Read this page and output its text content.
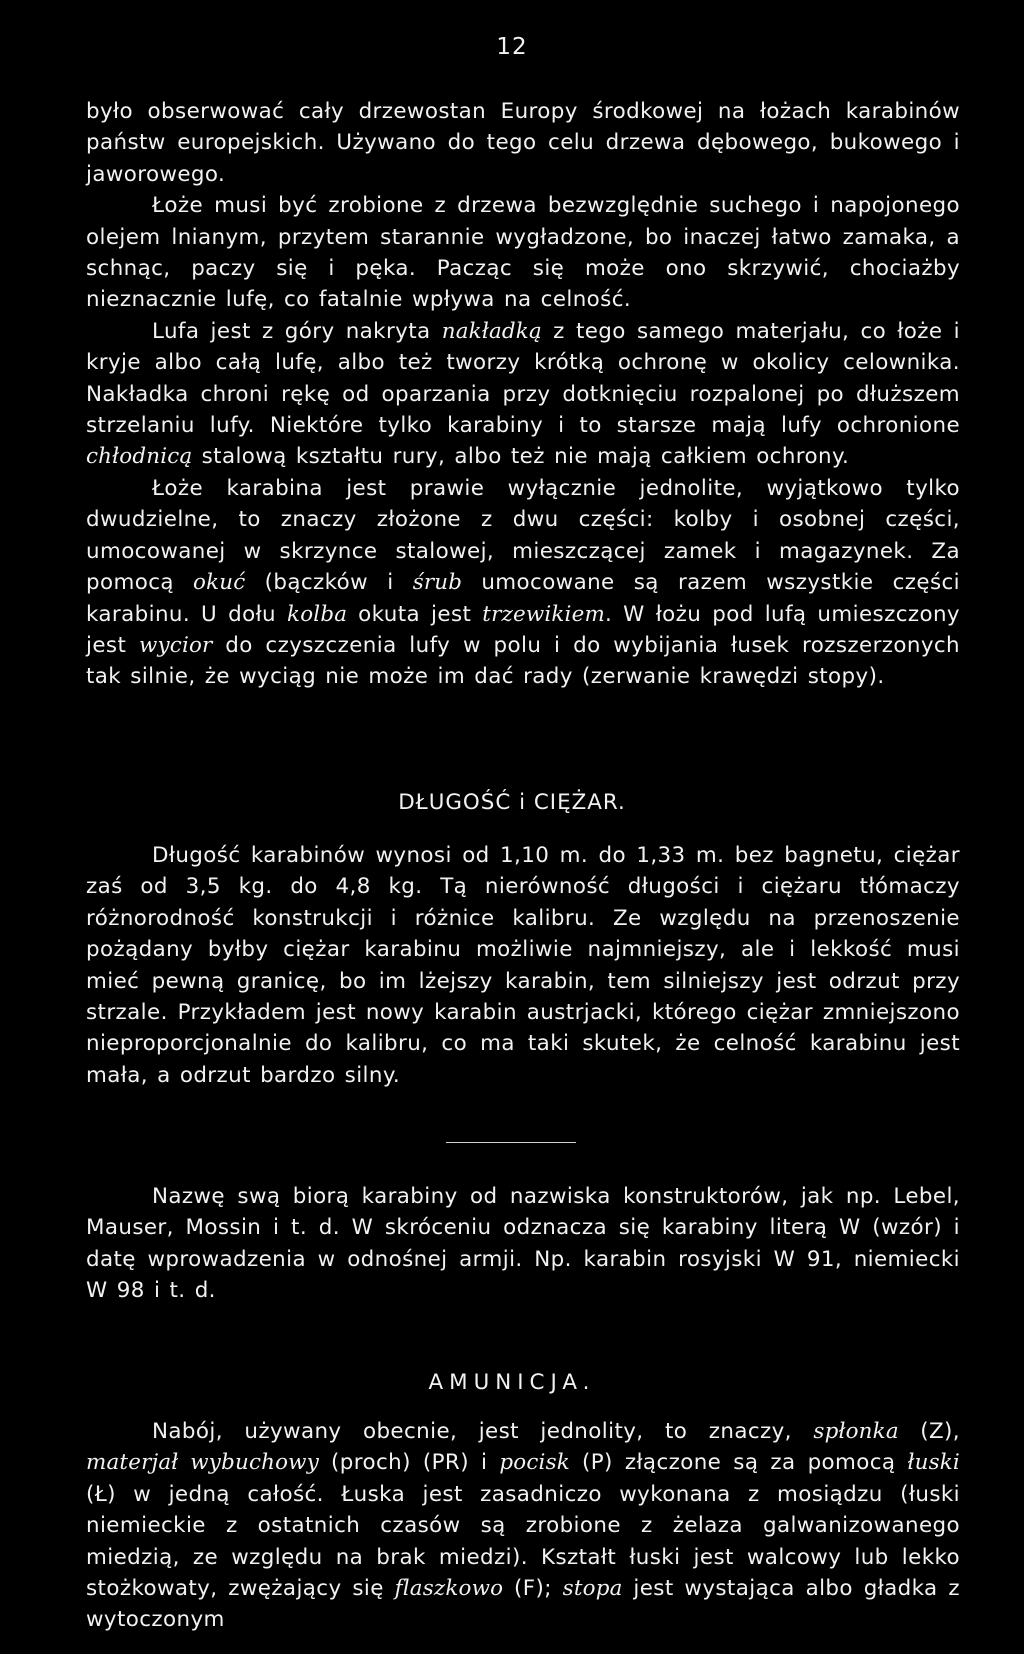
12

było obserwować cały drzewostan Europy środkowej na łożach karabinów państw europejskich. Używano do tego celu drzewa dębowego, bukowego i jaworowego.

Łoże musi być zrobione z drzewa bezwzględnie suchego i napojonego olejem lnianym, przytem starannie wygładzone, bo inaczej łatwo zamaka, a schnąc, paczy się i pęka. Pacząc się może ono skrzywić, chociażby nieznacznie lufę, co fatalnie wpływa na celność.

Lufa jest z góry nakryta nakładką z tego samego materjału, co łoże i kryje albo całą lufę, albo też tworzy krótką ochronę w okolicy celownika. Nakładka chroni rękę od oparzania przy dotknięciu rozpalonej po dłuższem strzelaniu lufy. Niektóre tylko karabiny i to starsze mają lufy ochronione chłodnicą stalową kształtu rury, albo też nie mają całkiem ochrony.

Łoże karabina jest prawie wyłącznie jednolite, wyjątkowo tylko dwudzielne, to znaczy złożone z dwu części: kolby i osobnej części, umocowanej w skrzynce stalowej, mieszczącej zamek i magazynek. Za pomocą okuć (bączków i śrub umocowane są razem wszystkie części karabinu. U dołu kolba okuta jest trzewikiem. W łożu pod lufą umieszczony jest wycior do czyszczenia lufy w polu i do wybijania łusek rozszerzonych tak silnie, że wyciąg nie może im dać rady (zerwanie krawędzi stopy).

DŁUGOŚĆ i CIĘŻAR.

Długość karabinów wynosi od 1,10 m. do 1,33 m. bez bagnetu, ciężar zaś od 3,5 kg. do 4,8 kg. Tą nierówność długości i ciężaru tłómaczy różnorodność konstrukcji i różnice kalibru. Ze względu na przenoszenie pożądany byłby ciężar karabinu możliwie najmniejszy, ale i lekkość musi mieć pewną granicę, bo im lżejszy karabin, tem silniejszy jest odrzut przy strzale. Przykładem jest nowy karabin austrjacki, którego ciężar zmniejszono nieproporcjonalnie do kalibru, co ma taki skutek, że celność karabinu jest mała, a odrzut bardzo silny.

Nazwę swą biorą karabiny od nazwiska konstruktorów, jak np. Lebel, Mauser, Mossin i t. d. W skróceniu odznacza się karabiny literą W (wzór) i datę wprowadzenia w odnośnej armji. Np. karabin rosyjski W 91, niemiecki W 98 i t. d.

AMUNICJA.

Nabój, używany obecnie, jest jednolity, to znaczy, spłonka (Z), materjał wybuchowy (proch) (PR) i pocisk (P) złączone są za pomocą łuski (Ł) w jedną całość. Łuska jest zasadniczo wykonana z mosiądzu (łuski niemieckie z ostatnich czasów są zrobione z żelaza galwanizowanego miedzią, ze względu na brak miedzi). Kształt łuski jest walcowy lub lekko stożkowaty, zwężający się flaszkowo (F); stopa jest wystająca albo gładka z wytoczonym
